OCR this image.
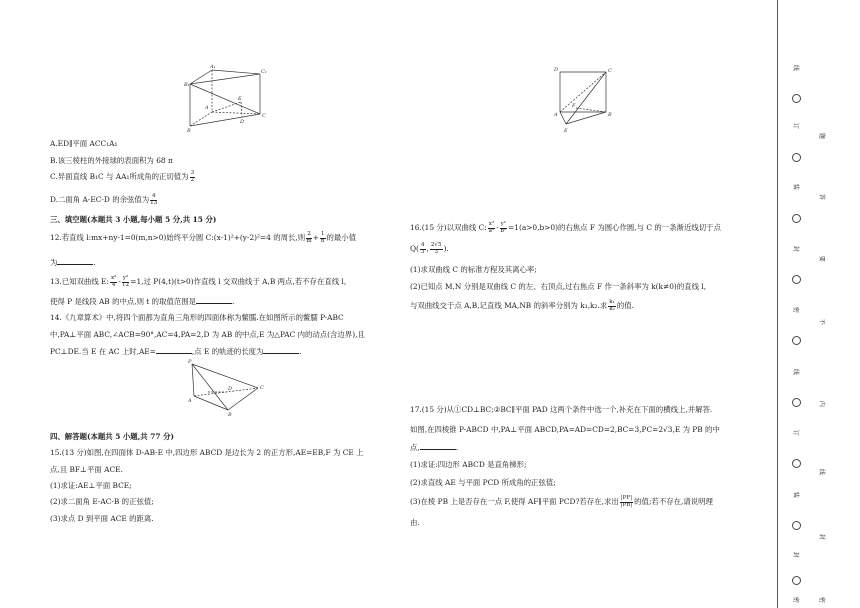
B₁
A₁
C₁
A
E
D
C
B
A.ED∥平面 ACC₁A₁
B.该三棱柱的外接球的表面积为 68 π
C.异面直线 B₁C 与 AA₁所成角的正切值为 $\frac{3}{2}$
D.二面角 A-EC-D 的余弦值为 $\frac{4}{13}$
三、填空题(本题共 3 小题,每小题 5 分,共 15 分)
12.若直线 l:mx+ny-1=0(m,n>0)始终平分圆 C:(x-1)²+(y-2)²=4 的周长,则 $\frac{2}{m} + \frac{1}{n}$ 的最小值
为	.
13.已知双曲线 E: $\frac{\text{x²}}{4} - \frac{\text{y²}}{12} =1$,过 P(4,t)(t>0)作直线 l 交双曲线于 A,B 两点,若不存在直线 l,
使得 P 是线段 AB 的中点,则 t 的取值范围是	.
14.《九章算术》中,将四个面都为直角三角形的四面体称为鳖臑.在如图所示的鳖臑 P-ABC
中,PA⊥平面 ABC,∠ACB=90°,AC=4,PA=2,D 为 AB 的中点,E 为△PAC 内的动点(含边界),且
PC⊥DE.当 E 在 AC 上时,AE=	,点 E 的轨迹的长度为	.
P
A
D	C
B
四、解答题(本题共 5 小题,共 77 分)
15.(13 分)如图,在四面体 D-AB-E 中,四边形 ABCD 是边长为 2 的正方形,AE=EB,F 为 CE 上
点,且 BF⊥平面 ACE.
(1)求证:AE⊥平面 BCE;
(2)求二面角 E-AC-B 的正弦值;
(3)求点 D 到平面 ACE 的距离.
D	C
F
A	B
E
16.(15 分)以双曲线 C: $\frac{\text{x²}}{\text{a²}} - \frac{\text{y²}}{\text{b²}} =1(a>0,b>0)$的右焦点 F 为圆心作圆,与 C 的一条渐近线切于点
$Q( \frac{4}{3}$ , $\frac{2√5}{3}$ ).
(1)求双曲线 C 的标准方程及其离心率;
(2)已知点 M,N 分别是双曲线 C 的左、右顶点,过右焦点 F 作一条斜率为 k(k≠0)的直线 l,
与双曲线交于点 A,B,记直线 MA,NB 的斜率分别为 k₁,k₂.求 $\frac{\text{k₁}}{\text{k₂}}$ 的值.
17.(15 分)从①CD⊥BC;②BC∥平面 PAD 这两个条件中选一个,补充在下面的横线上,并解答.
如图,在四棱锥 P-ABCD 中,PA⊥平面 ABCD,PA=AD=CD=2,BC=3,PC=2√3,E 为 PB 的中
点,	.
(1)求证:四边形 ABCD 是直角梯形;
(2)求直线 AE 与平面 PCD 所成角的正弦值;
(3)在棱 PB 上是否存在一点 F,使得 AF∥平面 PCD?若存在,求出 $\frac{|PF|}{|PB|}$ 的值;若不存在,请说明理
由.
线
订
装
封
密
线
订
装
封
密
题
答
要
不
内
线
封
密
